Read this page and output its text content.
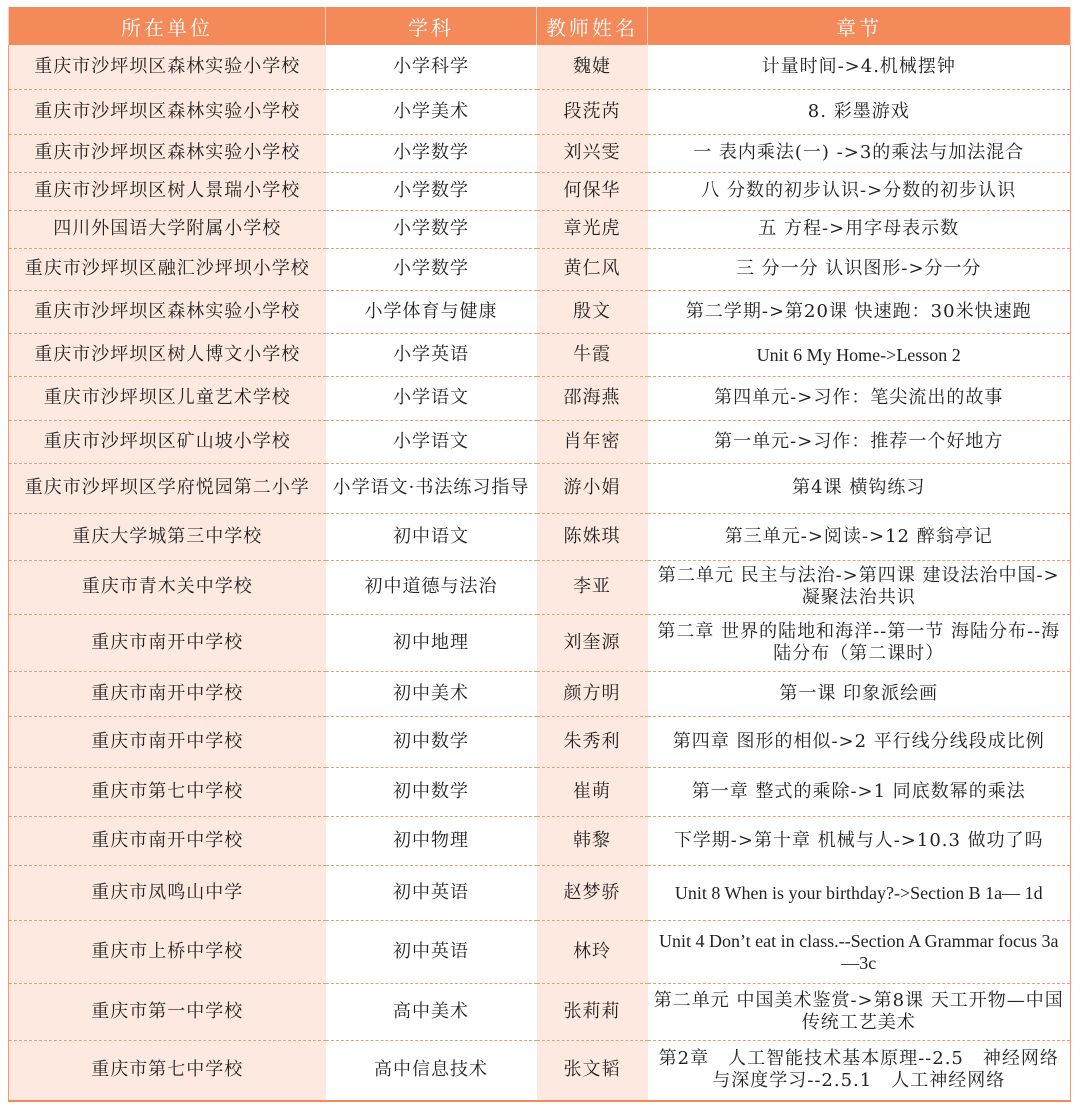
所在单位	学科	教师姓名	章节
重庆市沙坪坝区森林实验小学校	小学科学	魏婕	计量时间->4.机械摆钟
重庆市沙坪坝区森林实验小学校	小学美术	段莐芮	8. 彩墨游戏
重庆市沙坪坝区森林实验小学校	小学数学	刘兴雯	一 表内乘法(一) ->3的乘法与加法混合
重庆市沙坪坝区树人景瑞小学校	小学数学	何保华	八 分数的初步认识->分数的初步认识
四川外国语大学附属小学校	小学数学	章光虎	五 方程->用字母表示数
重庆市沙坪坝区融汇沙坪坝小学校	小学数学	黄仁风	三 分一分 认识图形->分一分
重庆市沙坪坝区森林实验小学校	小学体育与健康	殷文	第二学期->第20课 快速跑：30米快速跑
重庆市沙坪坝区树人博文小学校	小学英语	牛霞	Unit 6 My Home->Lesson 2
重庆市沙坪坝区儿童艺术学校	小学语文	邵海燕	第四单元->习作：笔尖流出的故事
重庆市沙坪坝区矿山坡小学校	小学语文	肖年密	第一单元->习作：推荐一个好地方
重庆市沙坪坝区学府悦园第二小学	小学语文·书法练习指导	游小娟	第4课 横钩练习
重庆大学城第三中学校	初中语文	陈姝琪	第三单元->阅读->12 醉翁亭记
重庆市青木关中学校	初中道德与法治	李亚	第二单元 民主与法治->第四课 建设法治中国->凝聚法治共识
重庆市南开中学校	初中地理	刘奎源	第二章 世界的陆地和海洋--第一节 海陆分布--海陆分布（第二课时）
重庆市南开中学校	初中美术	颜方明	第一课 印象派绘画
重庆市南开中学校	初中数学	朱秀利	第四章 图形的相似->2 平行线分线段成比例
重庆市第七中学校	初中数学	崔萌	第一章 整式的乘除->1 同底数幂的乘法
重庆市南开中学校	初中物理	韩黎	下学期->第十章 机械与人->10.3 做功了吗
重庆市凤鸣山中学	初中英语	赵梦骄	Unit 8 When is your birthday?->Section B 1a— 1d
重庆市上桥中学校	初中英语	林玲	Unit 4 Don’t eat in class.--Section A Grammar focus 3a—3c
重庆市第一中学校	高中美术	张莉莉	第二单元 中国美术鉴赏->第8课 天工开物—中国传统工艺美术
重庆市第七中学校	高中信息技术	张文韬	第2章　人工智能技术基本原理--2.5　神经网络与深度学习--2.5.1　人工神经网络
